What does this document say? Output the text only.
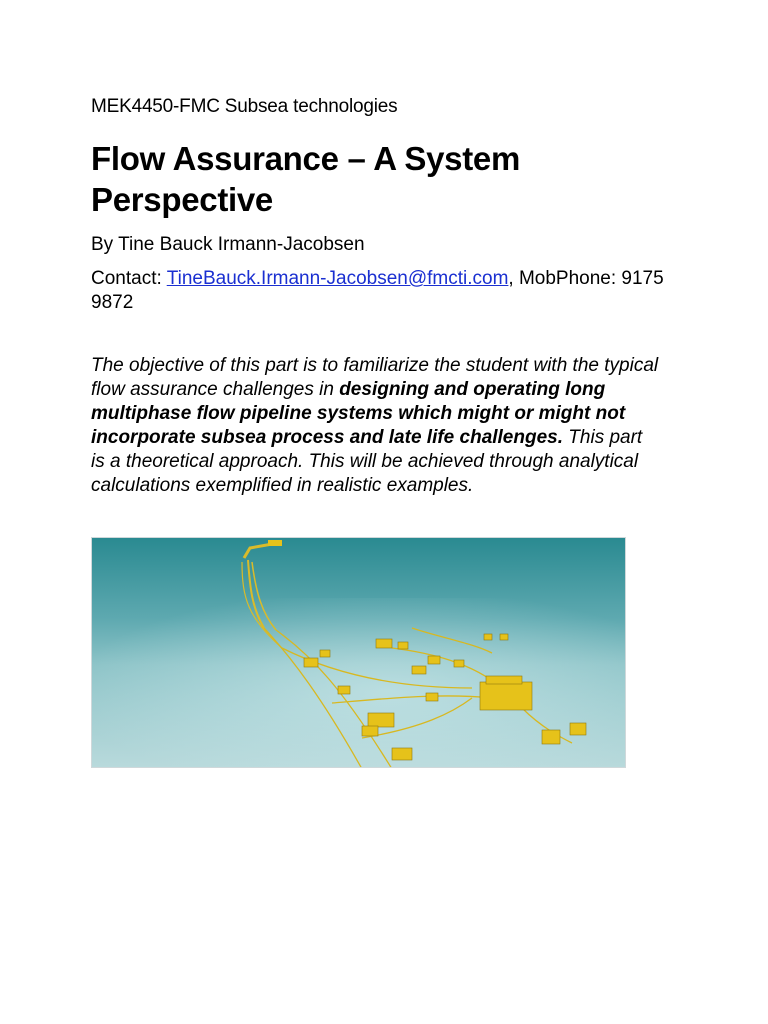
MEK4450-FMC Subsea technologies
Flow Assurance – A System Perspective
By Tine Bauck Irmann-Jacobsen
Contact: TineBauck.Irmann-Jacobsen@fmcti.com, MobPhone: 9175 9872

The objective of this part is to familiarize the student with the typical flow assurance challenges in designing and operating long multiphase flow pipeline systems which might or might not incorporate subsea process and late life challenges. This part is a theoretical approach. This will be achieved through analytical calculations exemplified in realistic examples.
